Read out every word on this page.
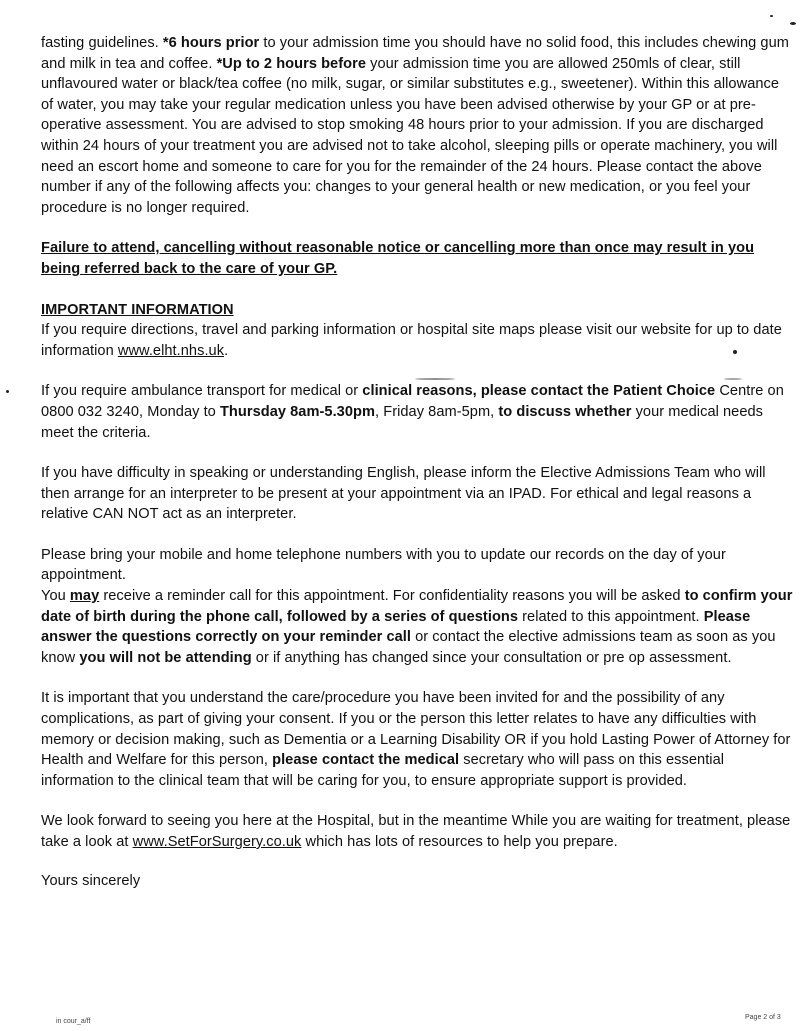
fasting guidelines. *6 hours prior to your admission time you should have no solid food, this includes chewing gum and milk in tea and coffee. *Up to 2 hours before your admission time you are allowed 250mls of clear, still unflavoured water or black/tea coffee (no milk, sugar, or similar substitutes e.g., sweetener). Within this allowance of water, you may take your regular medication unless you have been advised otherwise by your GP or at pre-operative assessment. You are advised to stop smoking 48 hours prior to your admission. If you are discharged within 24 hours of your treatment you are advised not to take alcohol, sleeping pills or operate machinery, you will need an escort home and someone to care for you for the remainder of the 24 hours. Please contact the above number if any of the following affects you: changes to your general health or new medication, or you feel your procedure is no longer required.

Failure to attend, cancelling without reasonable notice or cancelling more than once may result in you being referred back to the care of your GP.

IMPORTANT INFORMATION

If you require directions, travel and parking information or hospital site maps please visit our website for up to date information www.elht.nhs.uk.

If you require ambulance transport for medical or clinical reasons, please contact the Patient Choice Centre on 0800 032 3240, Monday to Thursday 8am-5.30pm, Friday 8am-5pm, to discuss whether your medical needs meet the criteria.

If you have difficulty in speaking or understanding English, please inform the Elective Admissions Team who will then arrange for an interpreter to be present at your appointment via an IPAD. For ethical and legal reasons a relative CAN NOT act as an interpreter.

Please bring your mobile and home telephone numbers with you to update our records on the day of your appointment.

You may receive a reminder call for this appointment. For confidentiality reasons you will be asked to confirm your date of birth during the phone call, followed by a series of questions related to this appointment. Please answer the questions correctly on your reminder call or contact the elective admissions team as soon as you know you will not be attending or if anything has changed since your consultation or pre op assessment.

It is important that you understand the care/procedure you have been invited for and the possibility of any complications, as part of giving your consent. If you or the person this letter relates to have any difficulties with memory or decision making, such as Dementia or a Learning Disability OR if you hold Lasting Power of Attorney for Health and Welfare for this person, please contact the medical secretary who will pass on this essential information to the clinical team that will be caring for you, to ensure appropriate support is provided.

We look forward to seeing you here at the Hospital, but in the meantime While you are waiting for treatment, please take a look at www.SetForSurgery.co.uk which has lots of resources to help you prepare.

Yours sincerely

in cour_a/ff
Page 2 of 3
